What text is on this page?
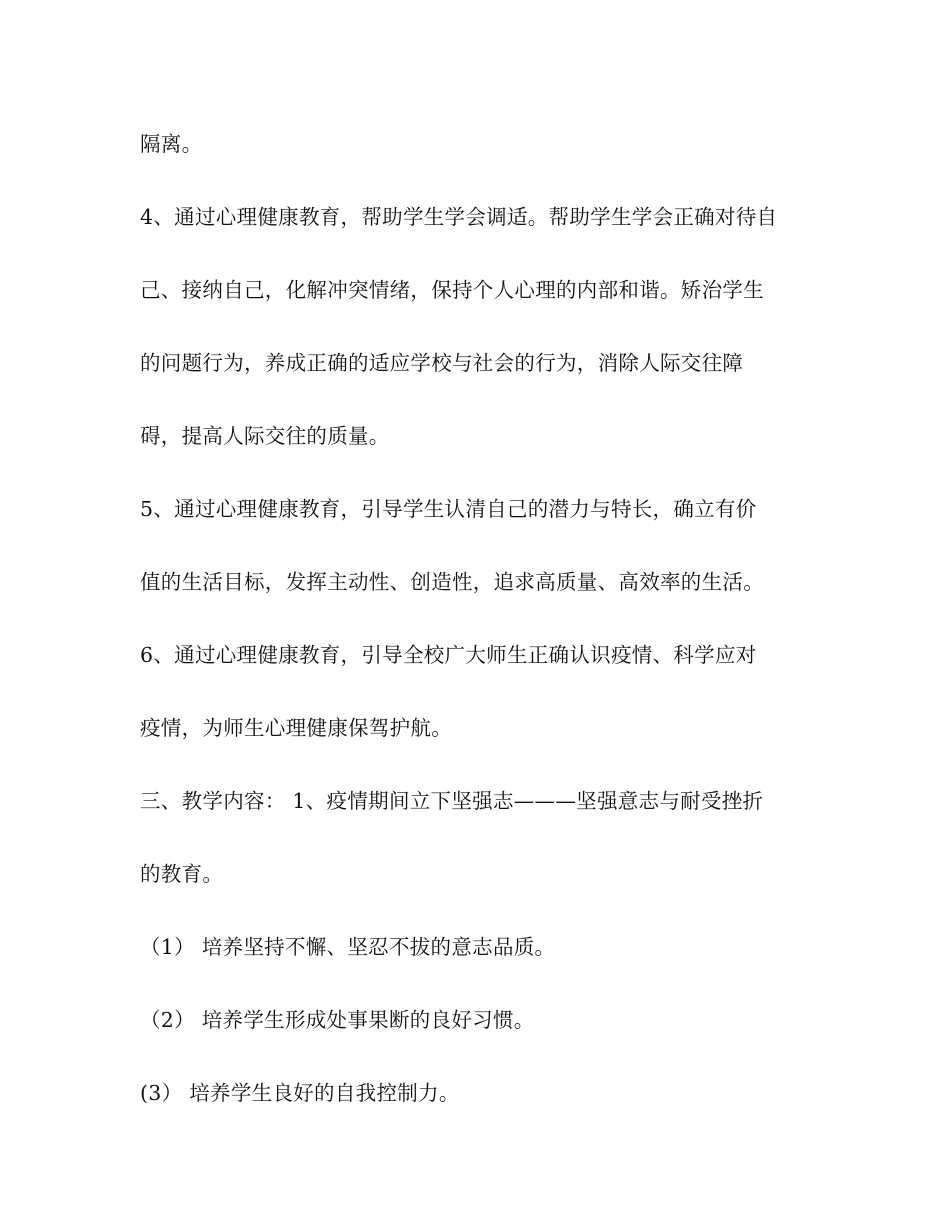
隔离。
4、通过心理健康教育，帮助学生学会调适。帮助学生学会正确对待自
己、接纳自己，化解冲突情绪，保持个人心理的内部和谐。矫治学生
的问题行为，养成正确的适应学校与社会的行为，消除人际交往障
碍，提高人际交往的质量。
5、通过心理健康教育，引导学生认清自己的潜力与特长，确立有价
值的生活目标，发挥主动性、创造性，追求高质量、高效率的生活。
6、通过心理健康教育，引导全校广大师生正确认识疫情、科学应对
疫情，为师生心理健康保驾护航。
三、教学内容： 1、疫情期间立下坚强志———坚强意志与耐受挫折
的教育。
（1） 培养坚持不懈、坚忍不拔的意志品质。
（2） 培养学生形成处事果断的良好习惯。
(3） 培养学生良好的自我控制力。
